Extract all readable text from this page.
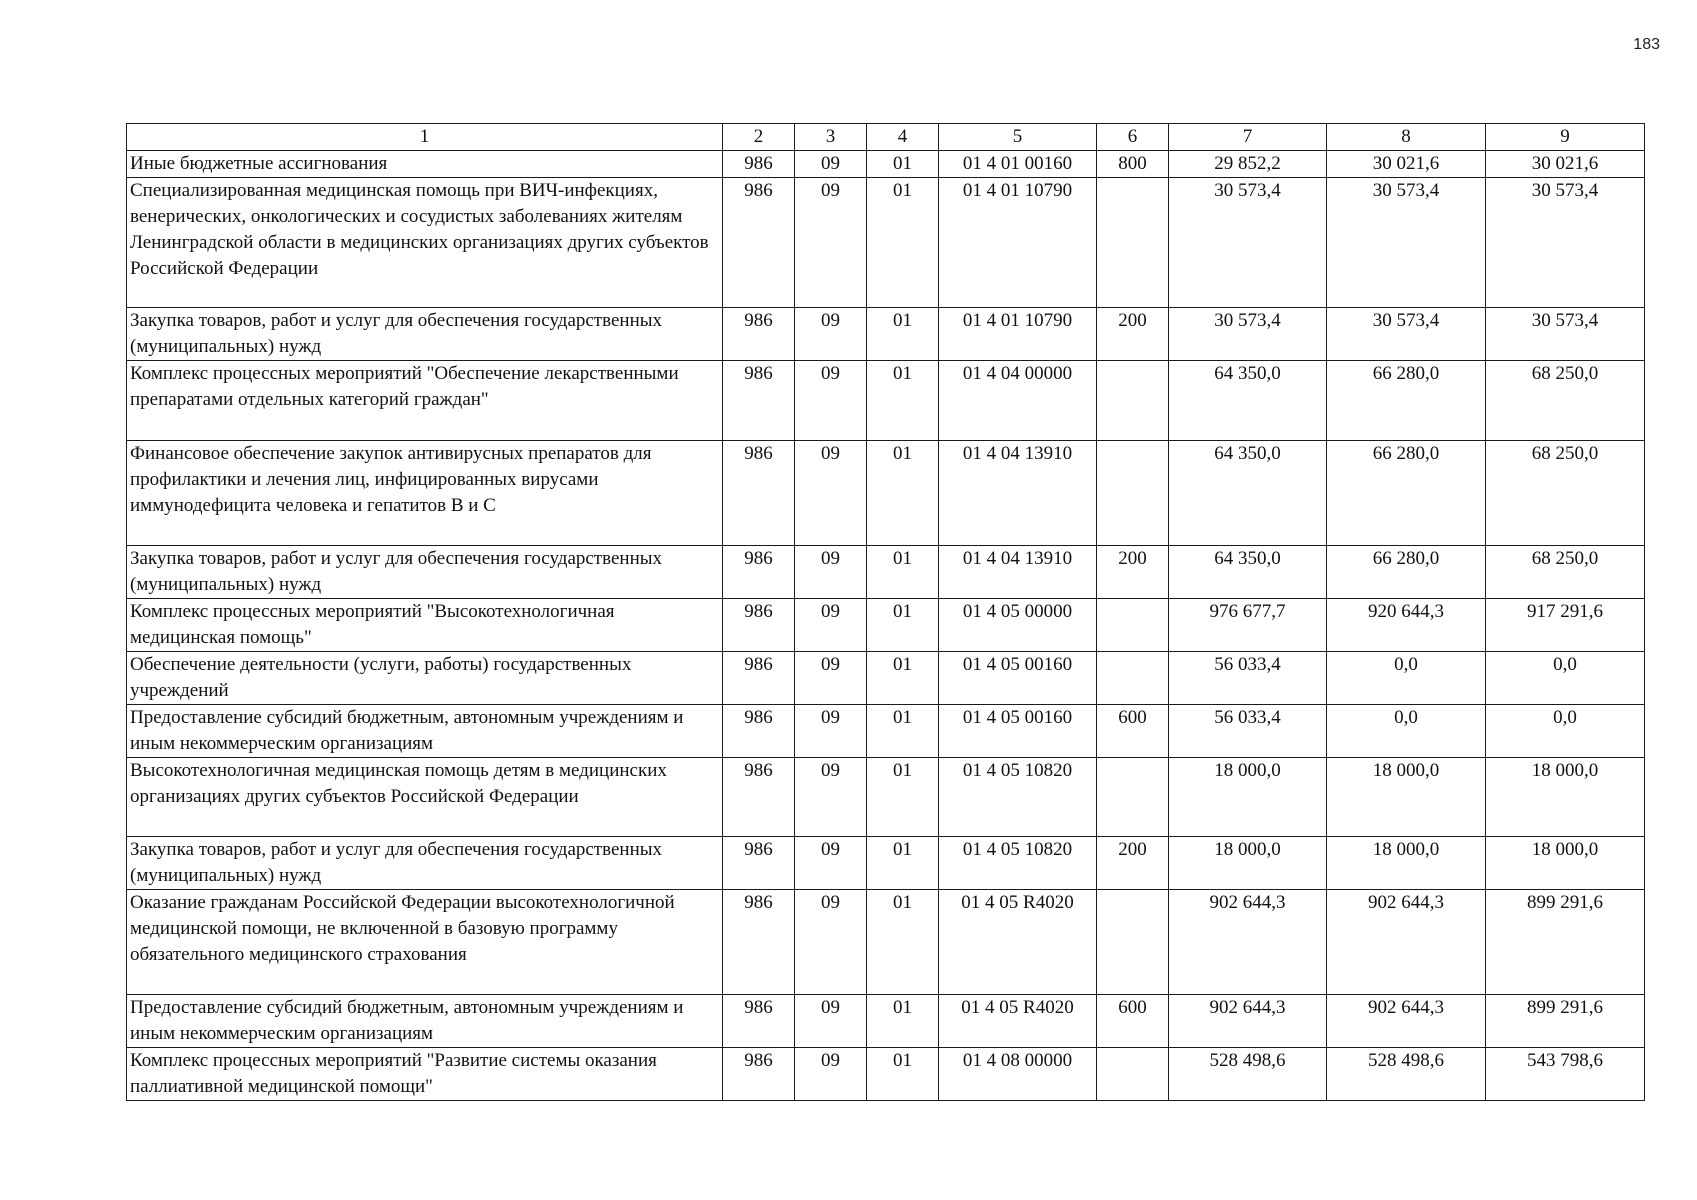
183
1	2	3	4	5	6	7	8	9
Иные бюджетные ассигнования	986	09	01	01 4 01 00160	800	29 852,2	30 021,6	30 021,6
Специализированная медицинская помощь при ВИЧ-инфекциях, венерических, онкологических и сосудистых заболеваниях жителям Ленинградской области в медицинских организациях других субъектов Российской Федерации	986	09	01	01 4 01 10790		30 573,4	30 573,4	30 573,4
Закупка товаров, работ и услуг для обеспечения государственных (муниципальных) нужд	986	09	01	01 4 01 10790	200	30 573,4	30 573,4	30 573,4
Комплекс процессных мероприятий "Обеспечение лекарственными препаратами отдельных категорий граждан"	986	09	01	01 4 04 00000		64 350,0	66 280,0	68 250,0
Финансовое обеспечение закупок антивирусных препаратов для профилактики и лечения лиц, инфицированных вирусами иммунодефицита человека и гепатитов B и C	986	09	01	01 4 04 13910		64 350,0	66 280,0	68 250,0
Закупка товаров, работ и услуг для обеспечения государственных (муниципальных) нужд	986	09	01	01 4 04 13910	200	64 350,0	66 280,0	68 250,0
Комплекс процессных мероприятий "Высокотехнологичная медицинская помощь"	986	09	01	01 4 05 00000		976 677,7	920 644,3	917 291,6
Обеспечение деятельности (услуги, работы) государственных учреждений	986	09	01	01 4 05 00160		56 033,4	0,0	0,0
Предоставление субсидий бюджетным, автономным учреждениям и иным некоммерческим организациям	986	09	01	01 4 05 00160	600	56 033,4	0,0	0,0
Высокотехнологичная медицинская помощь детям в медицинских организациях других субъектов Российской Федерации	986	09	01	01 4 05 10820		18 000,0	18 000,0	18 000,0
Закупка товаров, работ и услуг для обеспечения государственных (муниципальных) нужд	986	09	01	01 4 05 10820	200	18 000,0	18 000,0	18 000,0
Оказание гражданам Российской Федерации высокотехнологичной медицинской помощи, не включенной в базовую программу обязательного медицинского страхования	986	09	01	01 4 05 R4020		902 644,3	902 644,3	899 291,6
Предоставление субсидий бюджетным, автономным учреждениям и иным некоммерческим организациям	986	09	01	01 4 05 R4020	600	902 644,3	902 644,3	899 291,6
Комплекс процессных мероприятий "Развитие системы оказания паллиативной медицинской помощи"	986	09	01	01 4 08 00000		528 498,6	528 498,6	543 798,6
